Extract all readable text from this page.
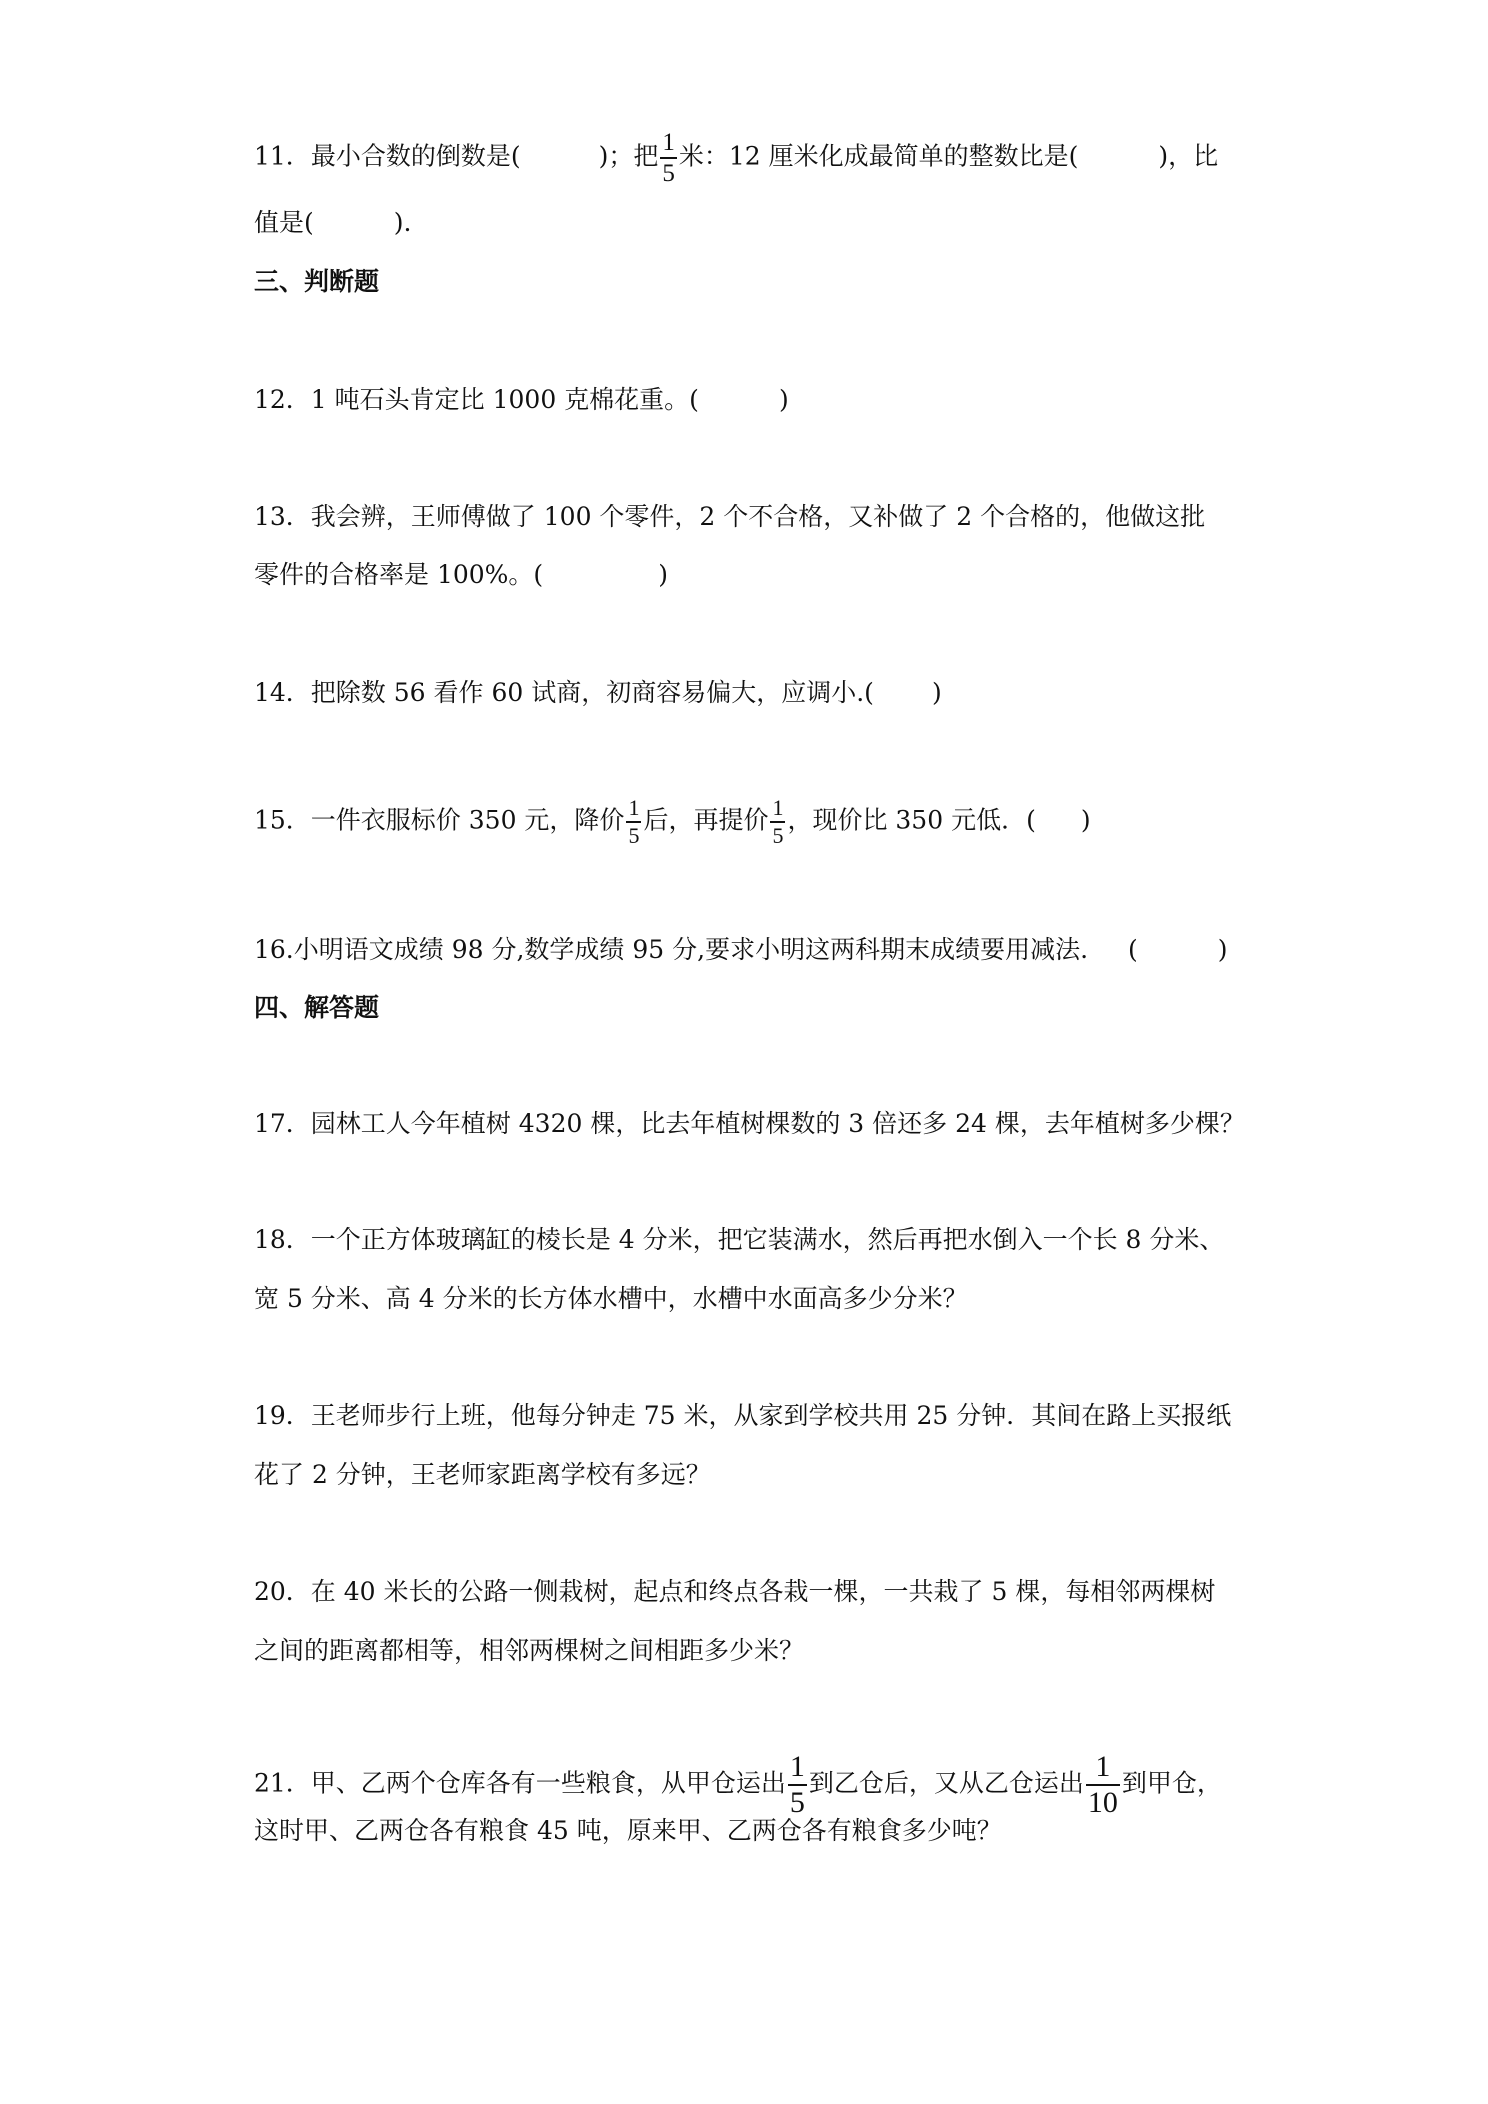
11．最小合数的倒数是(	)；把 $\frac{1}{5}$ 米：12 厘米化成最简单的整数比是(	)，比
值是(	).
三、判断题
12．1 吨石头肯定比 1000 克棉花重。(	)
13．我会辨，王师傅做了 100 个零件，2 个不合格，又补做了 2 个合格的，他做这批
零件的合格率是 100%。(	)
14．把除数 56 看作 60 试商，初商容易偏大，应调小.( )
15．一件衣服标价 350 元，降价 $\frac{1}{5}$ 后，再提价 $\frac{1}{5}$ ，现价比 350 元低．( )
16.小明语文成绩 98 分,数学成绩 95 分,要求小明这两科期末成绩要用减法. (	)
四、解答题
17．园林工人今年植树 4320 棵，比去年植树棵数的 3 倍还多 24 棵，去年植树多少棵？
18．一个正方体玻璃缸的棱长是 4 分米，把它装满水，然后再把水倒入一个长 8 分米、
宽 5 分米、高 4 分米的长方体水槽中，水槽中水面高多少分米？
19．王老师步行上班，他每分钟走 75 米，从家到学校共用 25 分钟．其间在路上买报纸
花了 2 分钟，王老师家距离学校有多远？
20．在 40 米长的公路一侧栽树，起点和终点各栽一棵，一共栽了 5 棵，每相邻两棵树
之间的距离都相等，相邻两棵树之间相距多少米？
21．甲、乙两个仓库各有一些粮食，从甲仓运出 $\frac{1}{5}$ 到乙仓后，又从乙仓运出 $\frac{1}{10}$ 到甲仓，
这时甲、乙两仓各有粮食 45 吨，原来甲、乙两仓各有粮食多少吨？
